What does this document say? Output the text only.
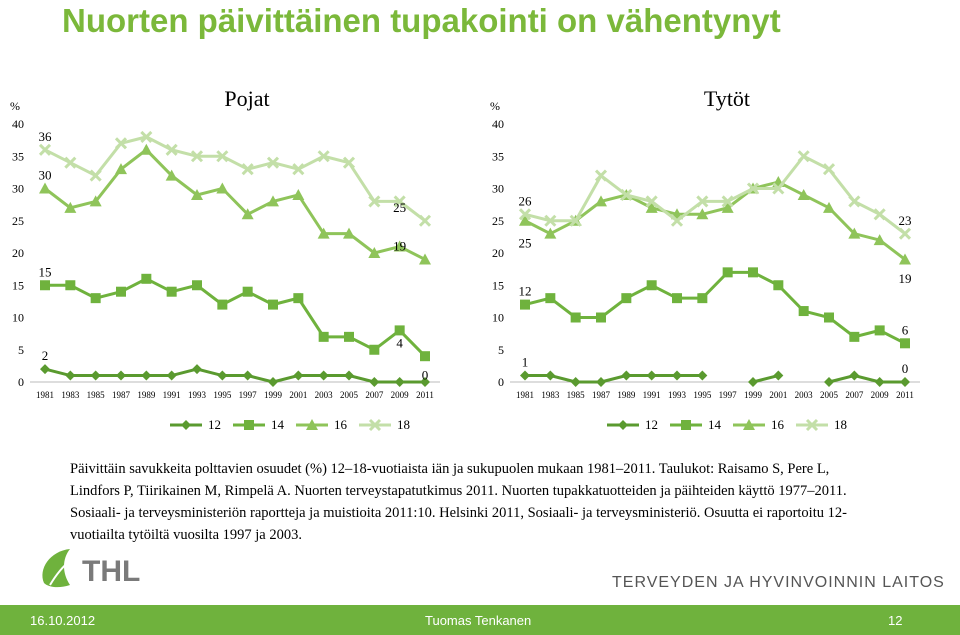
Nuorten päivittäinen tupakointi on vähentynyt
Pojat
%
0
5
10
15
20
25
30
35
40
1981 1983 1985 1987 1989 1991 1993 1995 1997 1999 2001 2003 2005 2007 2009 2011
36
30
15
2
25
19
4
0
Tytöt
%
0
5
10
15
20
25
30
35
40
1981 1983 1985 1987 1989 1991 1993 1995 1997 1999 2001 2003 2005 2007 2009 2011
26
25
12
1
23
19
6
0
12	14	16	18	12	14	16	18
Päivittäin savukkeita polttavien osuudet (%) 12–18-vuotiaista iän ja sukupuolen mukaan 1981–2011. Taulukot: Raisamo S, Pere L, Lindfors P, Tiirikainen M, Rimpelä A. Nuorten terveystapatutkimus 2011. Nuorten tupakkatuotteiden ja päihteiden käyttö 1977–2011. Sosiaali- ja terveysministeriön raportteja ja muistioita 2011:10. Helsinki 2011, Sosiaali- ja terveysministeriö. Osuutta ei raportoitu 12-vuotiailta tytöiltä vuosilta 1997 ja 2003.
THL	TERVEYDEN JA HYVINVOINNIN LAITOS
16.10.2012	Tuomas Tenkanen	12
